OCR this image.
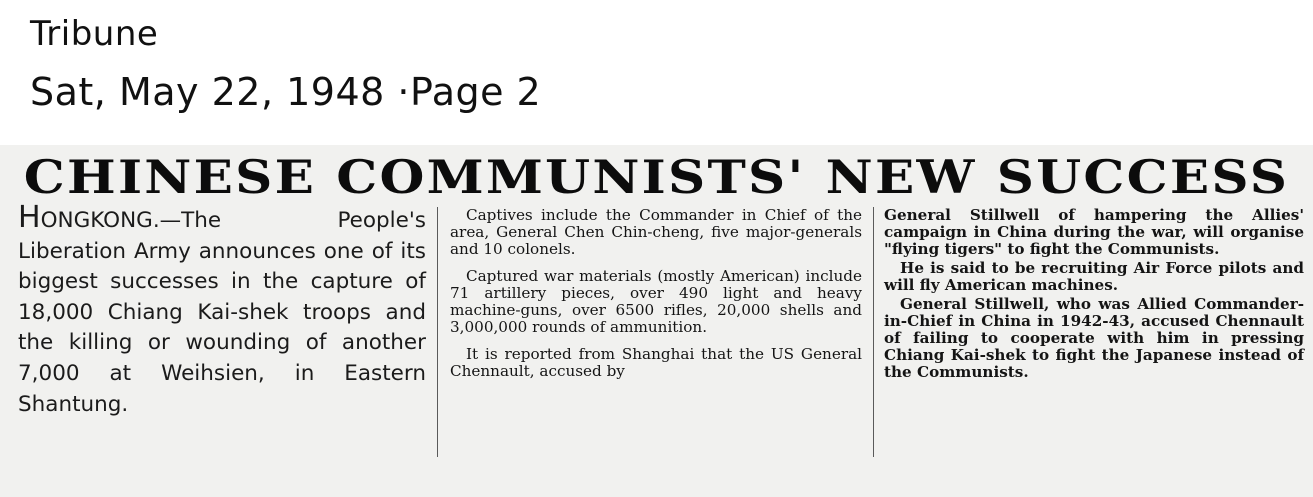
Tribune
Sat, May 22, 1948 ·Page 2
CHINESE COMMUNISTS' NEW SUCCESS
HONGKONG.—The People's Liberation Army announces one of its biggest successes in the capture of 18,000 Chiang Kai-shek troops and the killing or wounding of another 7,000 at Weihsien, in Eastern Shantung.

Captives include the Commander in Chief of the area, General Chen Chin-cheng, five major-generals and 10 colonels.

Captured war materials (mostly American) include 71 artillery pieces, over 490 light and heavy machine-guns, over 6500 rifles, 20,000 shells and 3,000,000 rounds of ammunition.

It is reported from Shanghai that the US General Chennault, accused by

General Stillwell of hampering the Allies' campaign in China during the war, will organise "flying tigers" to fight the Communists.

He is said to be recruiting Air Force pilots and will fly American machines.

General Stillwell, who was Allied Commander-in-Chief in China in 1942-43, accused Chennault of failing to cooperate with him in pressing Chiang Kai-shek to fight the Japanese instead of the Communists.
